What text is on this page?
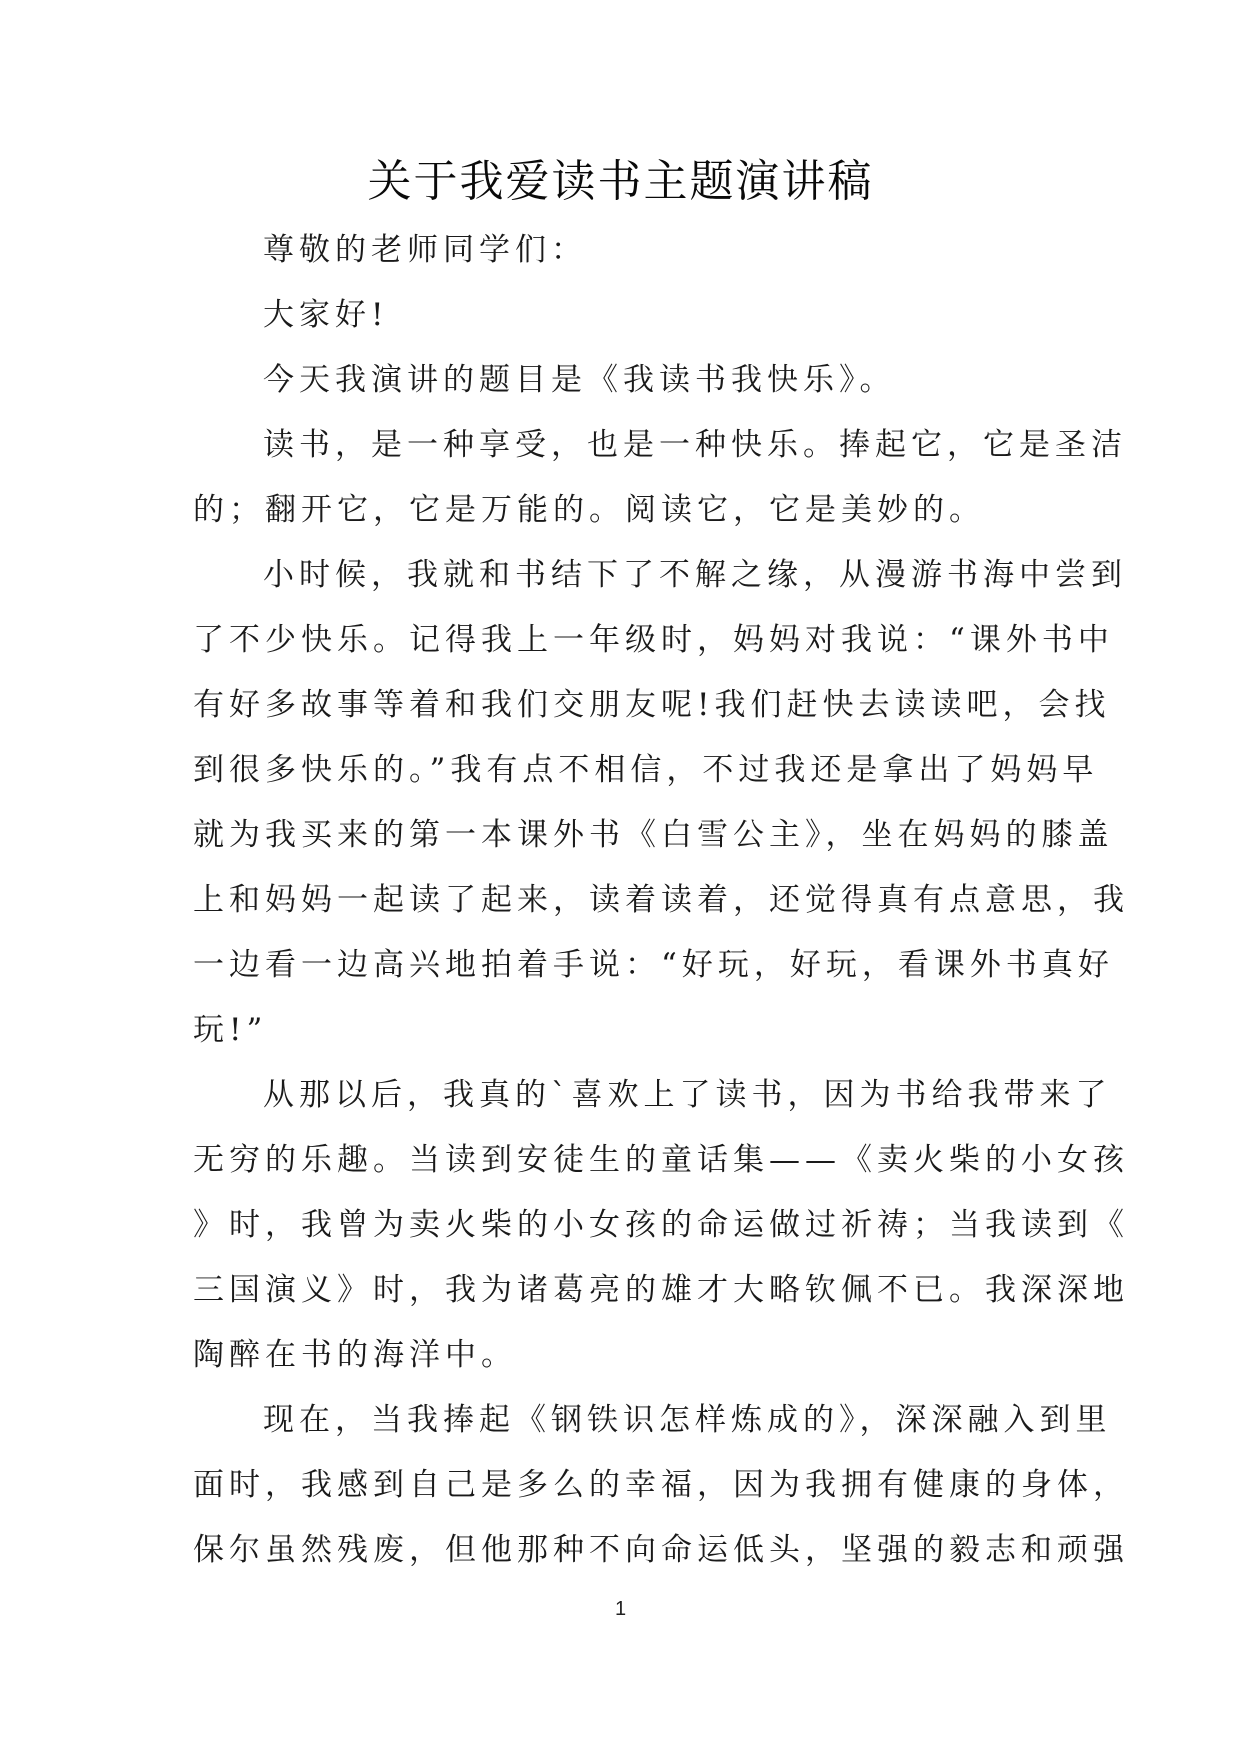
关于我爱读书主题演讲稿
尊敬的老师同学们：
大家好!
今天我演讲的题目是《我读书我快乐》。
读书，是一种享受，也是一种快乐。捧起它，它是圣洁
的；翻开它，它是万能的。阅读它，它是美妙的。
小时候，我就和书结下了不解之缘，从漫游书海中尝到
了不少快乐。记得我上一年级时，妈妈对我说：“课外书中
有好多故事等着和我们交朋友呢!我们赶快去读读吧，会找
到很多快乐的。”我有点不相信，不过我还是拿出了妈妈早
就为我买来的第一本课外书《白雪公主》，坐在妈妈的膝盖
上和妈妈一起读了起来，读着读着，还觉得真有点意思，我
一边看一边高兴地拍着手说：“好玩，好玩，看课外书真好
玩!”
从那以后，我真的`喜欢上了读书，因为书给我带来了
无穷的乐趣。当读到安徒生的童话集——《卖火柴的小女孩
》时，我曾为卖火柴的小女孩的命运做过祈祷；当我读到《
三国演义》时，我为诸葛亮的雄才大略钦佩不已。我深深地
陶醉在书的海洋中。
现在，当我捧起《钢铁识怎样炼成的》，深深融入到里
面时，我感到自己是多么的幸福，因为我拥有健康的身体，
保尔虽然残废，但他那种不向命运低头，坚强的毅志和顽强
1
